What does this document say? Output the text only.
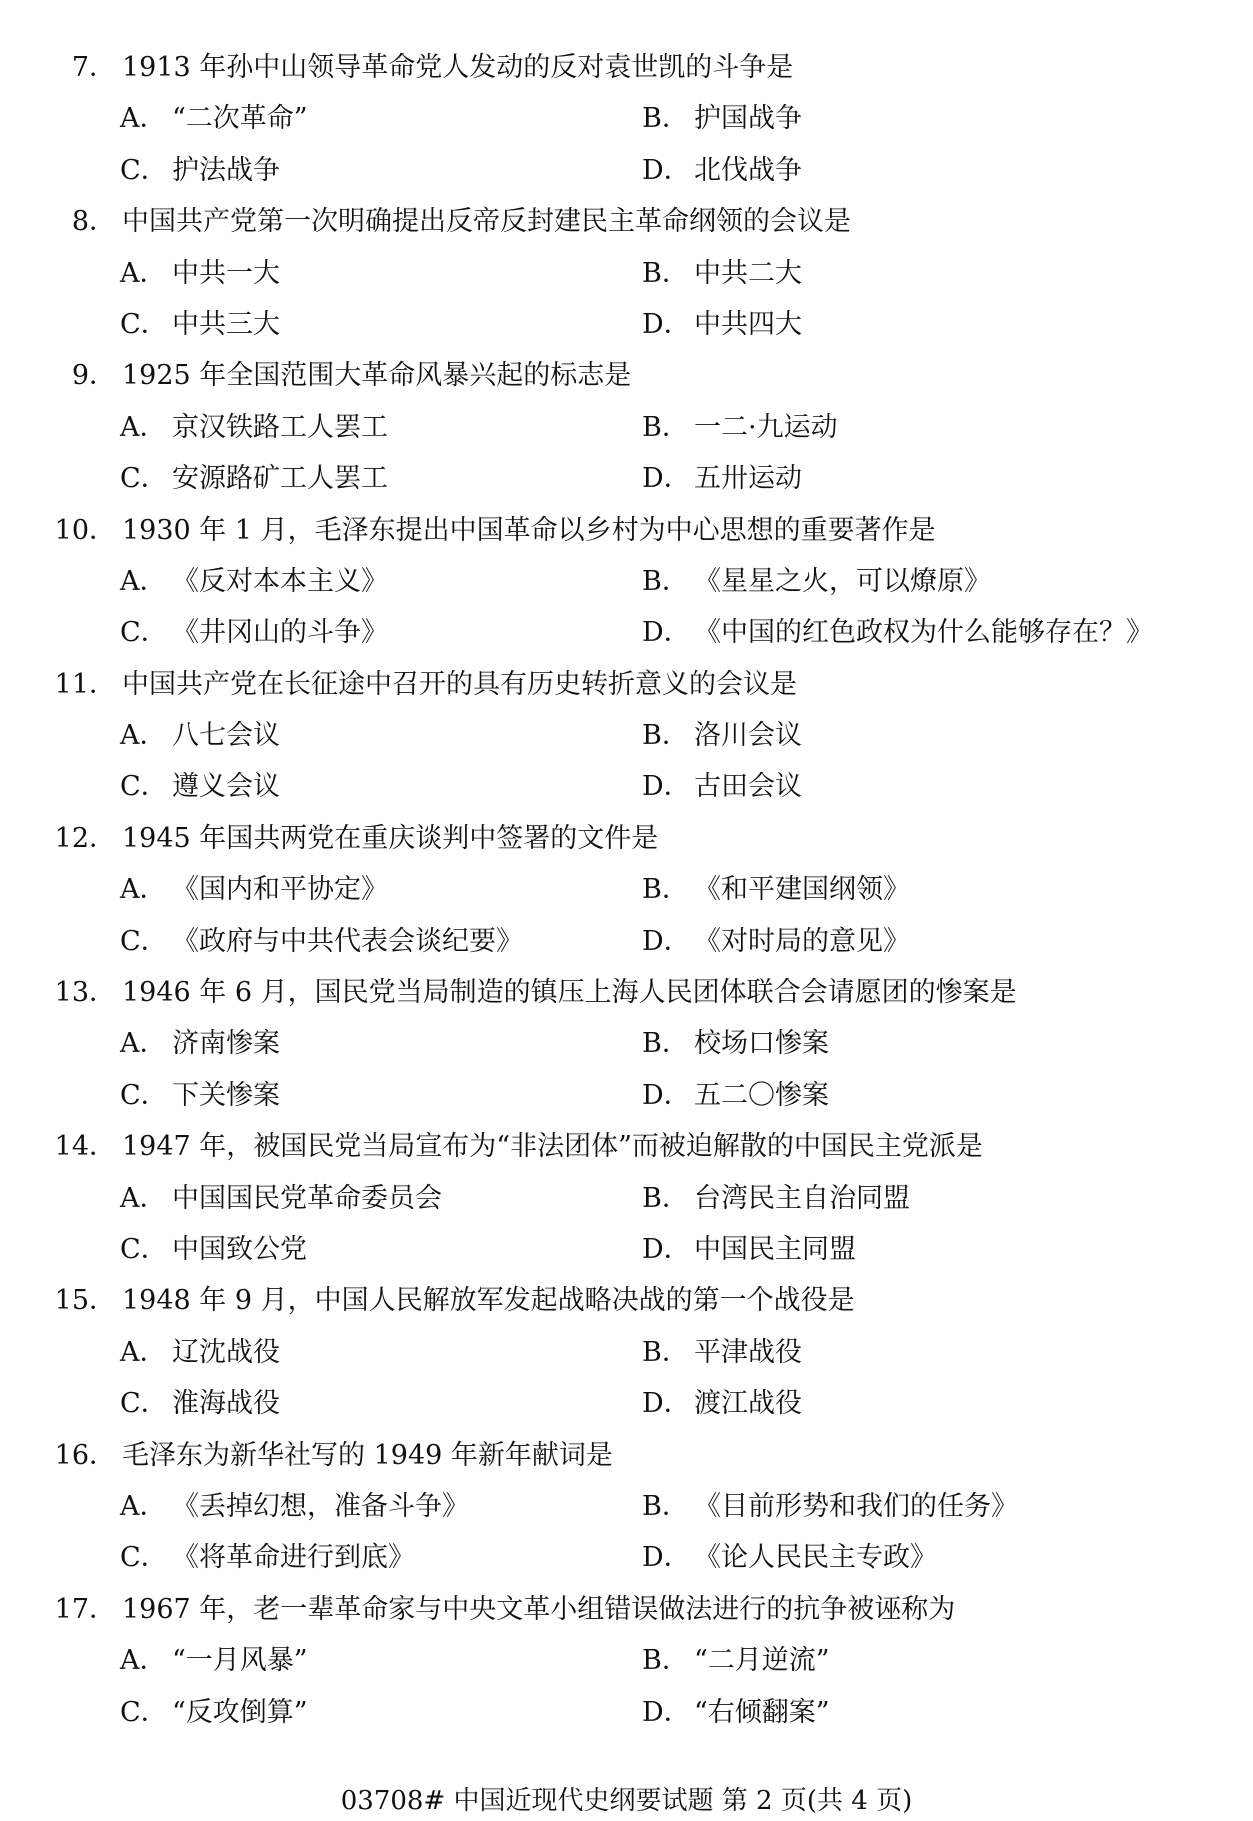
7． 1913 年孙中山领导革命党人发动的反对袁世凯的斗争是
A． “二次革命”	B． 护国战争
C． 护法战争	D． 北伐战争
8． 中国共产党第一次明确提出反帝反封建民主革命纲领的会议是
A． 中共一大	B． 中共二大
C． 中共三大	D． 中共四大
9． 1925 年全国范围大革命风暴兴起的标志是
A． 京汉铁路工人罢工	B． 一二·九运动
C． 安源路矿工人罢工	D． 五卅运动
10． 1930 年 1 月，毛泽东提出中国革命以乡村为中心思想的重要著作是
A． 《反对本本主义》	B． 《星星之火，可以燎原》
C． 《井冈山的斗争》	D． 《中国的红色政权为什么能够存在？》
11． 中国共产党在长征途中召开的具有历史转折意义的会议是
A． 八七会议	B． 洛川会议
C． 遵义会议	D． 古田会议
12． 1945 年国共两党在重庆谈判中签署的文件是
A． 《国内和平协定》	B． 《和平建国纲领》
C． 《政府与中共代表会谈纪要》	D． 《对时局的意见》
13． 1946 年 6 月，国民党当局制造的镇压上海人民团体联合会请愿团的惨案是
A． 济南惨案	B． 校场口惨案
C． 下关惨案	D． 五二〇惨案
14． 1947 年，被国民党当局宣布为“非法团体”而被迫解散的中国民主党派是
A． 中国国民党革命委员会	B． 台湾民主自治同盟
C． 中国致公党	D． 中国民主同盟
15． 1948 年 9 月，中国人民解放军发起战略决战的第一个战役是
A． 辽沈战役	B． 平津战役
C． 淮海战役	D． 渡江战役
16． 毛泽东为新华社写的 1949 年新年献词是
A． 《丢掉幻想，准备斗争》	B． 《目前形势和我们的任务》
C． 《将革命进行到底》	D． 《论人民民主专政》
17． 1967 年，老一辈革命家与中央文革小组错误做法进行的抗争被诬称为
A． “一月风暴”	B． “二月逆流”
C． “反攻倒算”	D． “右倾翻案”
03708# 中国近现代史纲要试题 第 2 页(共 4 页)
